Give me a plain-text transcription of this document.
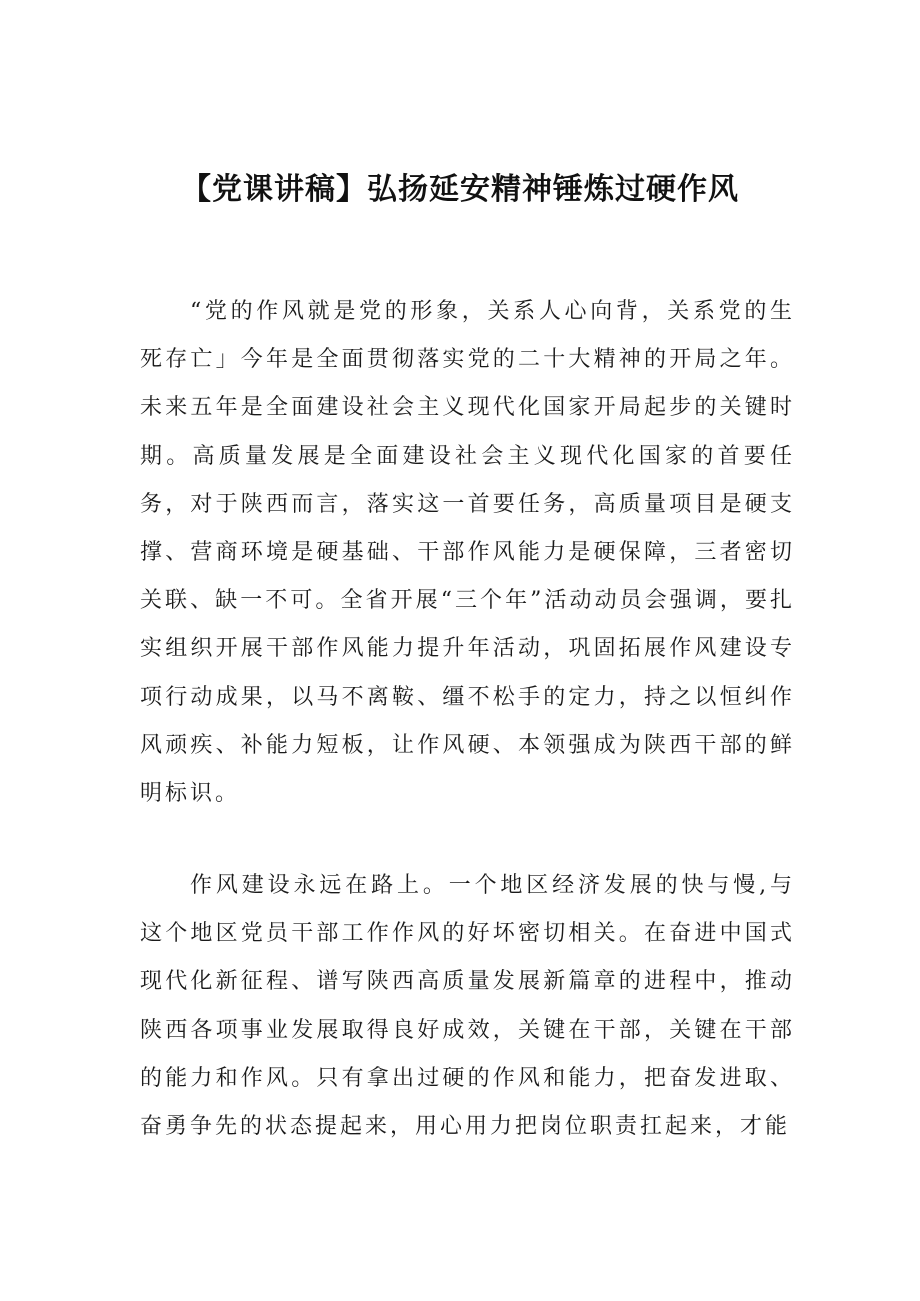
【党课讲稿】弘扬延安精神锤炼过硬作风

“党的作风就是党的形象，关系人心向背，关系党的生死存亡」今年是全面贯彻落实党的二十大精神的开局之年。未来五年是全面建设社会主义现代化国家开局起步的关键时期。高质量发展是全面建设社会主义现代化国家的首要任务，对于陕西而言，落实这一首要任务，高质量项目是硬支撑、营商环境是硬基础、干部作风能力是硬保障，三者密切关联、缺一不可。全省开展“三个年”活动动员会强调，要扎实组织开展干部作风能力提升年活动，巩固拓展作风建设专项行动成果，以马不离鞍、缰不松手的定力，持之以恒纠作风顽疾、补能力短板，让作风硬、本领强成为陕西干部的鲜明标识。

作风建设永远在路上。一个地区经济发展的快与慢,与这个地区党员干部工作作风的好坏密切相关。在奋进中国式现代化新征程、谱写陕西高质量发展新篇章的进程中，推动陕西各项事业发展取得良好成效，关键在干部，关键在干部的能力和作风。只有拿出过硬的作风和能力，把奋发进取、奋勇争先的状态提起来，用心用力把岗位职责扛起来，才能
